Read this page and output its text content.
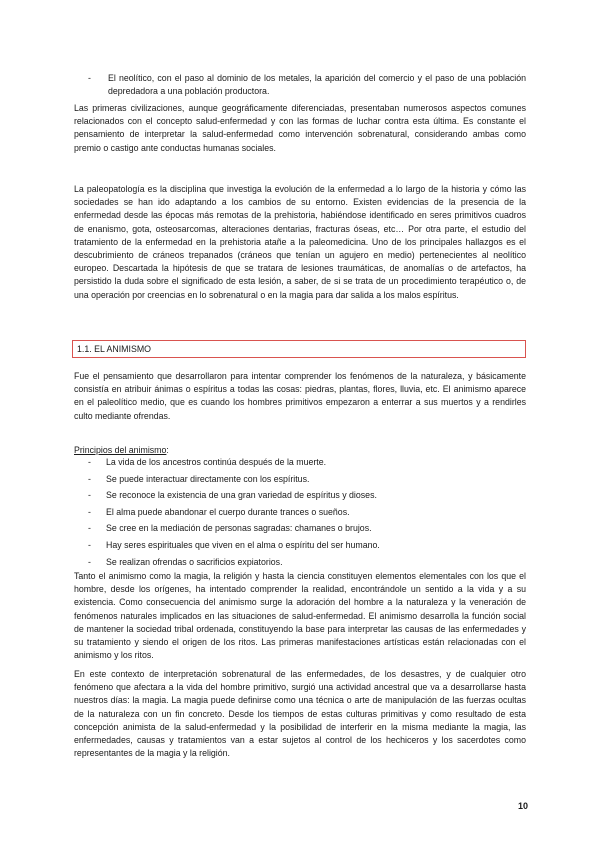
-	El neolítico, con el paso al dominio de los metales, la aparición del comercio y el paso de una población depredadora a una población productora.

Las primeras civilizaciones, aunque geográficamente diferenciadas, presentaban numerosos aspectos comunes relacionados con el concepto salud-enfermedad y con las formas de luchar contra esta última. Es constante el pensamiento de interpretar la salud-enfermedad como intervención sobrenatural, considerando ambas como premio o castigo ante conductas humanas sociales.

La paleopatología es la disciplina que investiga la evolución de la enfermedad a lo largo de la historia y cómo las sociedades se han ido adaptando a los cambios de su entorno. Existen evidencias de la presencia de la enfermedad desde las épocas más remotas de la prehistoria, habiéndose identificado en seres primitivos cuadros de enanismo, gota, osteosarcomas, alteraciones dentarias, fracturas óseas, etc… Por otra parte, el estudio del tratamiento de la enfermedad en la prehistoria atañe a la paleomedicina. Uno de los principales hallazgos es el descubrimiento de cráneos trepanados (cráneos que tenían un agujero en medio) pertenecientes al neolítico europeo. Descartada la hipótesis de que se tratara de lesiones traumáticas, de anomalías o de artefactos, ha persistido la duda sobre el significado de esta lesión, a saber, de si se trata de un procedimiento terapéutico o, de una operación por creencias en lo sobrenatural o en la magia para dar salida a los malos espíritus.

1.1. EL ANIMISMO

Fue el pensamiento que desarrollaron para intentar comprender los fenómenos de la naturaleza, y básicamente consistía en atribuir ánimas o espíritus a todas las cosas: piedras, plantas, flores, lluvia, etc. El animismo aparece en el paleolítico medio, que es cuando los hombres primitivos empezaron a enterrar a sus muertos y a rendirles culto mediante ofrendas.

Principios del animismo:
-	La vida de los ancestros continúa después de la muerte.
-	Se puede interactuar directamente con los espíritus.
-	Se reconoce la existencia de una gran variedad de espíritus y dioses.
-	El alma puede abandonar el cuerpo durante trances o sueños.
-	Se cree en la mediación de personas sagradas: chamanes o brujos.
-	Hay seres espirituales que viven en el alma o espíritu del ser humano.
-	Se realizan ofrendas o sacrificios expiatorios.

Tanto el animismo como la magia, la religión y hasta la ciencia constituyen elementos elementales con los que el hombre, desde los orígenes, ha intentado comprender la realidad, encontrándole un sentido a la vida y a su existencia. Como consecuencia del animismo surge la adoración del hombre a la naturaleza y la veneración de fenómenos naturales implicados en las situaciones de salud-enfermedad. El animismo desarrolla la función social de mantener la sociedad tribal ordenada, constituyendo la base para interpretar las causas de las enfermedades y su tratamiento y siendo el origen de los ritos. Las primeras manifestaciones artísticas están relacionadas con el animismo y los ritos.

En este contexto de interpretación sobrenatural de las enfermedades, de los desastres, y de cualquier otro fenómeno que afectara a la vida del hombre primitivo, surgió una actividad ancestral que va a desarrollarse hasta nuestros días: la magia. La magia puede definirse como una técnica o arte de manipulación de las fuerzas ocultas de la naturaleza con un fin concreto. Desde los tiempos de estas culturas primitivas y como resultado de esta concepción animista de la salud-enfermedad y la posibilidad de interferir en la misma mediante la magia, las enfermedades, causas y tratamientos van a estar sujetos al control de los hechiceros y los sacerdotes como representantes de la magia y la religión.

10
